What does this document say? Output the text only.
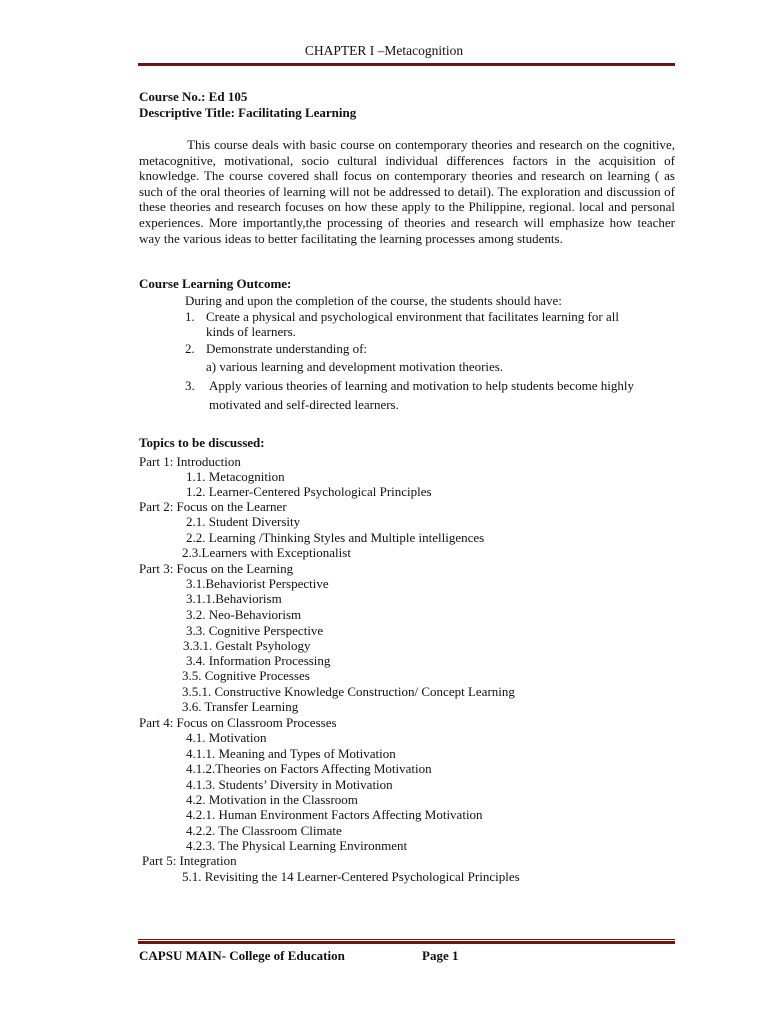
CHAPTER I –Metacognition
Course No.: Ed 105
Descriptive Title: Facilitating Learning
This course deals with basic course on contemporary theories and research on the cognitive, metacognitive, motivational, socio cultural individual differences factors in the acquisition of knowledge. The course covered shall focus on contemporary theories and research on learning ( as such of the oral theories of learning will not be addressed to detail). The exploration and discussion of these theories and research focuses on how these apply to the Philippine, regional. local and personal experiences. More importantly,the processing of theories and research will emphasize how teacher way the various ideas to better facilitating the learning processes among students.
Course Learning Outcome:
During and upon the completion of the course, the students should have:
1. Create a physical and psychological environment that facilitates learning for all
kinds of learners.
2. Demonstrate understanding of:
a) various learning and development motivation theories.
3. Apply various theories of learning and motivation to help students become highly
motivated and self-directed learners.
Topics to be discussed:
Part 1: Introduction
1.1. Metacognition
1.2. Learner-Centered Psychological Principles
Part 2: Focus on the Learner
2.1. Student Diversity
2.2. Learning /Thinking Styles and Multiple intelligences
2.3.Learners with Exceptionalist
Part 3: Focus on the Learning
3.1.Behaviorist Perspective
3.1.1.Behaviorism
3.2. Neo-Behaviorism
3.3. Cognitive Perspective
3.3.1. Gestalt Psyhology
3.4. Information Processing
3.5. Cognitive Processes
3.5.1. Constructive Knowledge Construction/ Concept Learning
3.6. Transfer Learning
Part 4: Focus on Classroom Processes
4.1. Motivation
4.1.1. Meaning and Types of Motivation
4.1.2.Theories on Factors Affecting Motivation
4.1.3. Students’ Diversity in Motivation
4.2. Motivation in the Classroom
4.2.1. Human Environment Factors Affecting Motivation
4.2.2. The Classroom Climate
4.2.3. The Physical Learning Environment
Part 5: Integration
5.1. Revisiting the 14 Learner-Centered Psychological Principles
CAPSU MAIN- College of Education	Page 1
